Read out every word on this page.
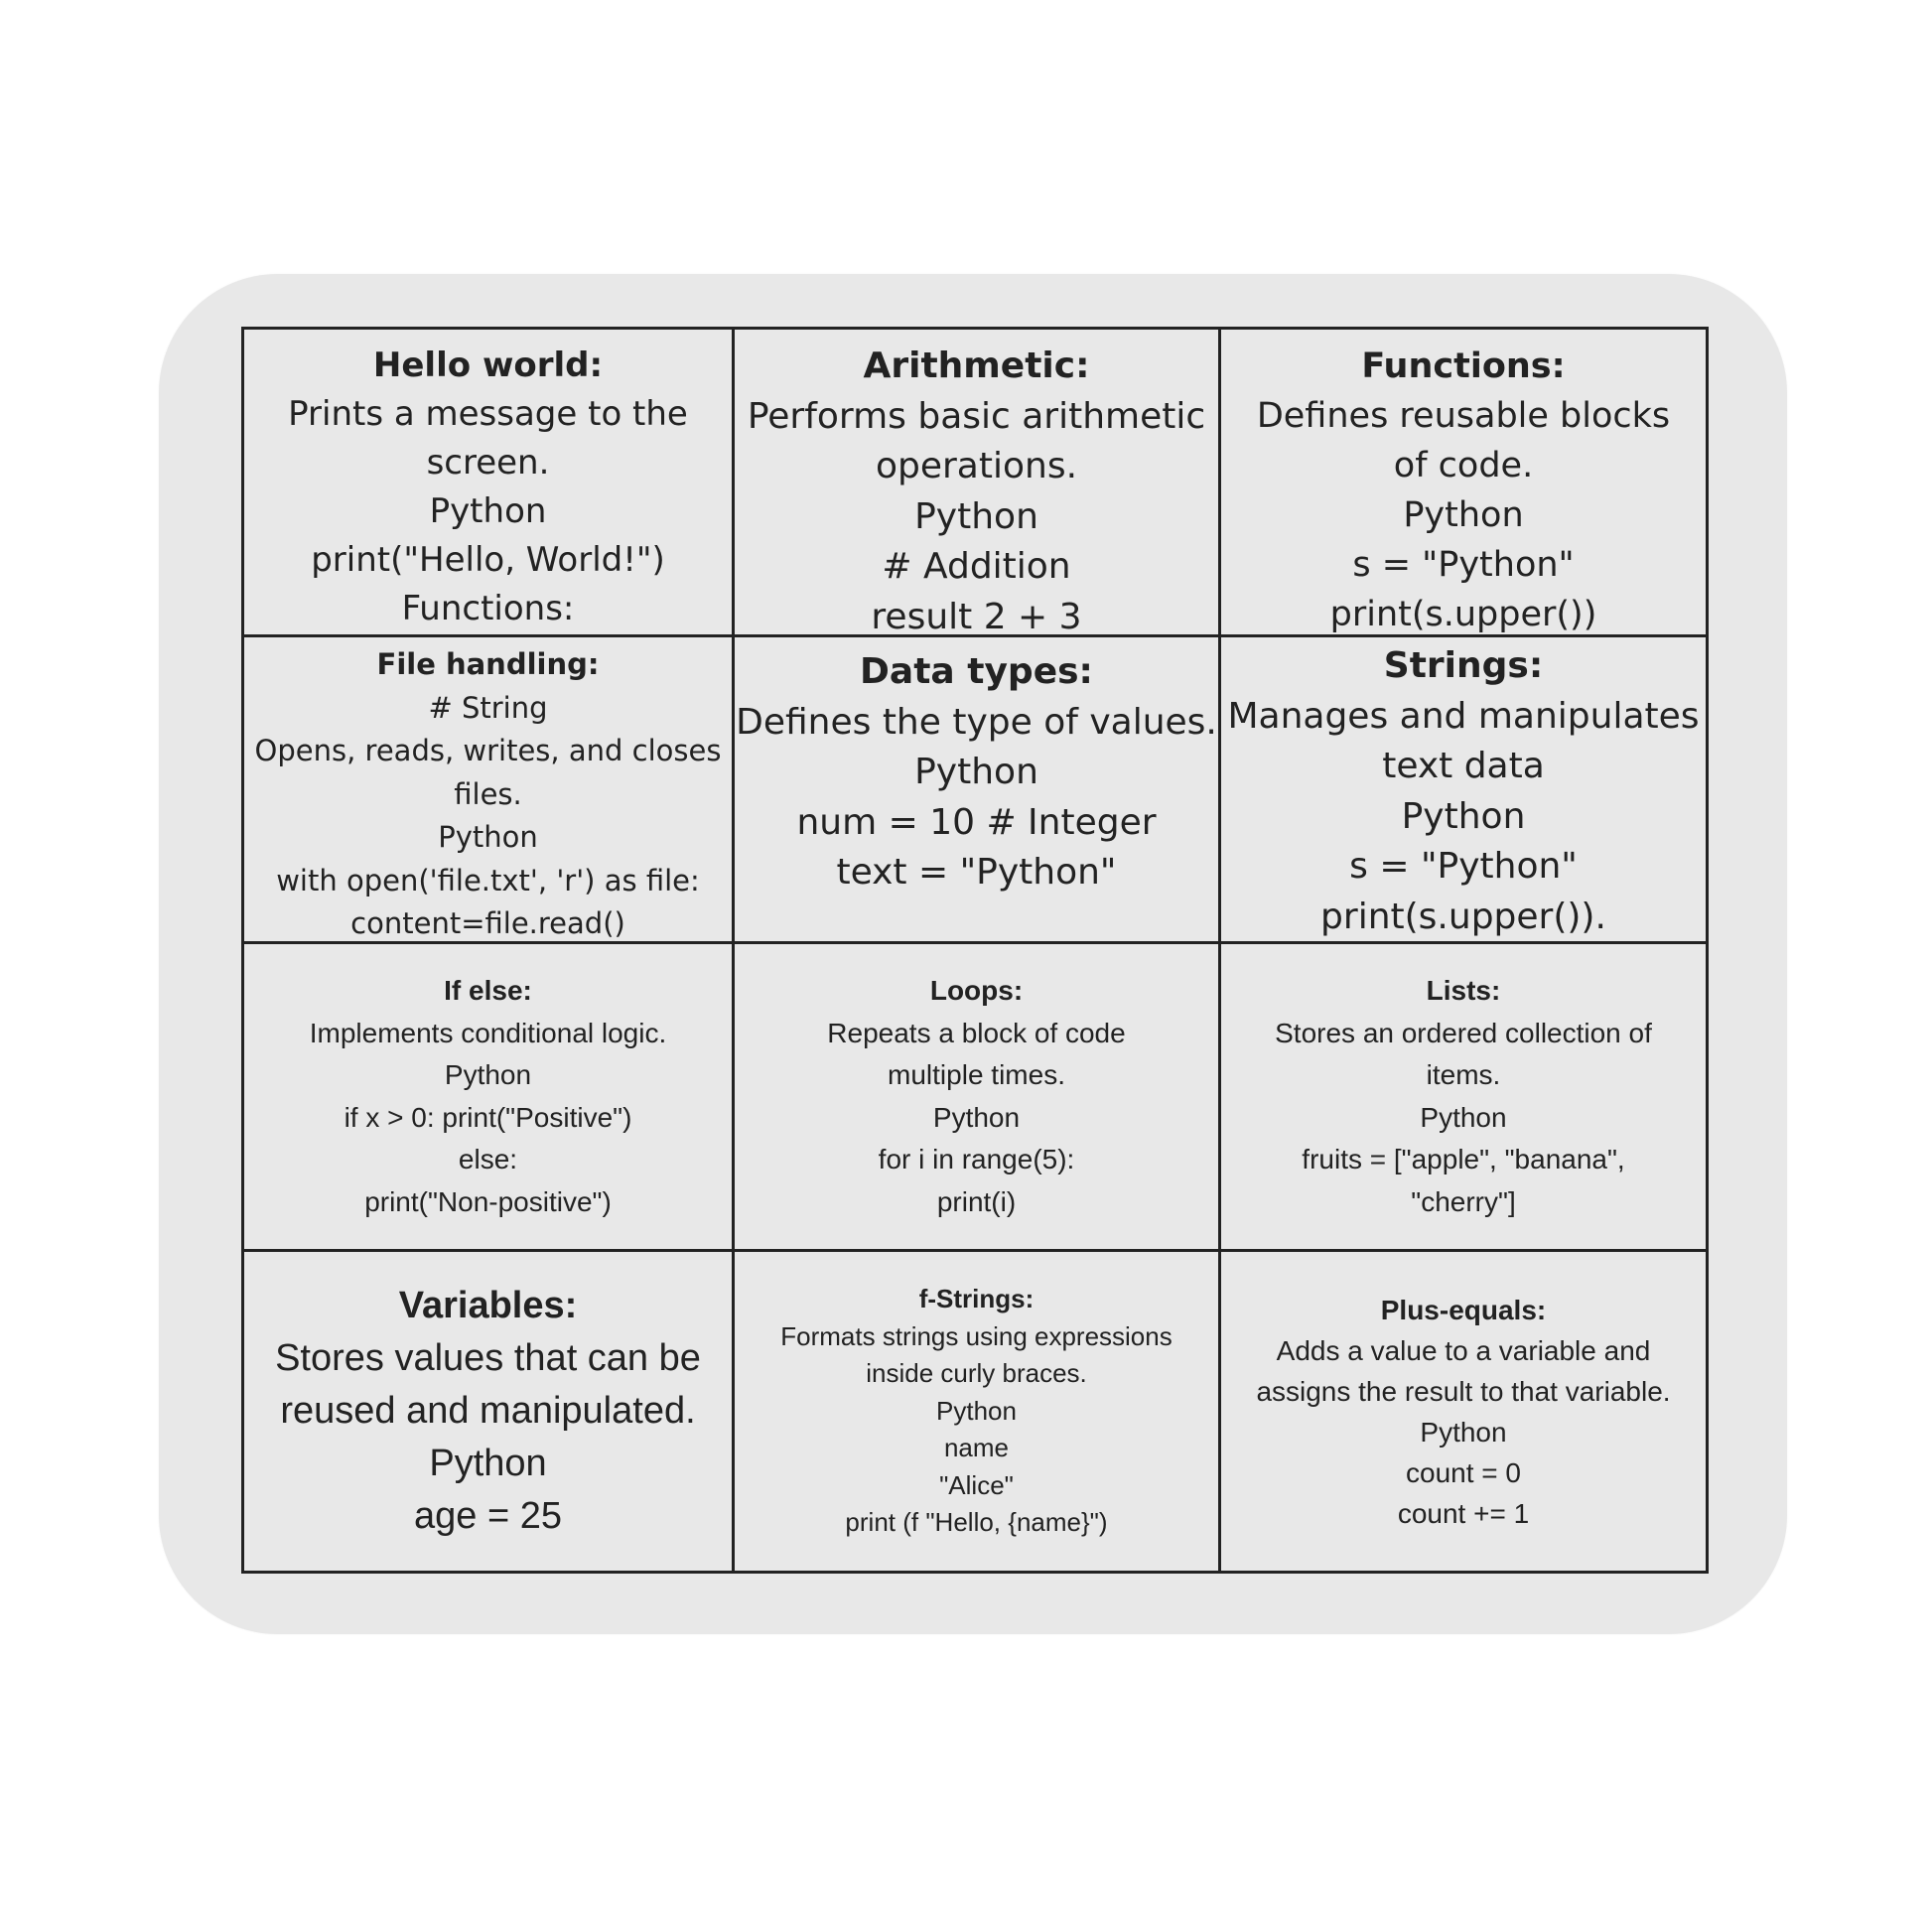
Hello world:
Prints a message to the
screen.
Python
print("Hello, World!")
Functions:
Arithmetic:
Performs basic arithmetic
operations.
Python
# Addition
result 2 + 3
Functions:
Defines reusable blocks
of code.
Python
s = "Python"
print(s.upper())
File handling:
# String
Opens, reads, writes, and closes
files.
Python
with open('file.txt', 'r') as file:
content=file.read()
Data types:
Defines the type of values.
Python
num = 10 # Integer
text = "Python"
Strings:
Manages and manipulates
text data
Python
s = "Python"
print(s.upper()).
If else:
Implements conditional logic.
Python
if x > 0: print("Positive")
else:
print("Non-positive")
Loops:
Repeats a block of code
multiple times.
Python
for i in range(5):
print(i)
Lists:
Stores an ordered collection of
items.
Python
fruits = ["apple", "banana",
"cherry"]
Variables:
Stores values that can be
reused and manipulated.
Python
age = 25
f-Strings:
Formats strings using expressions
inside curly braces.
Python
name
"Alice"
print (f "Hello, {name}")
Plus-equals:
Adds a value to a variable and
assigns the result to that variable.
Python
count = 0
count += 1
